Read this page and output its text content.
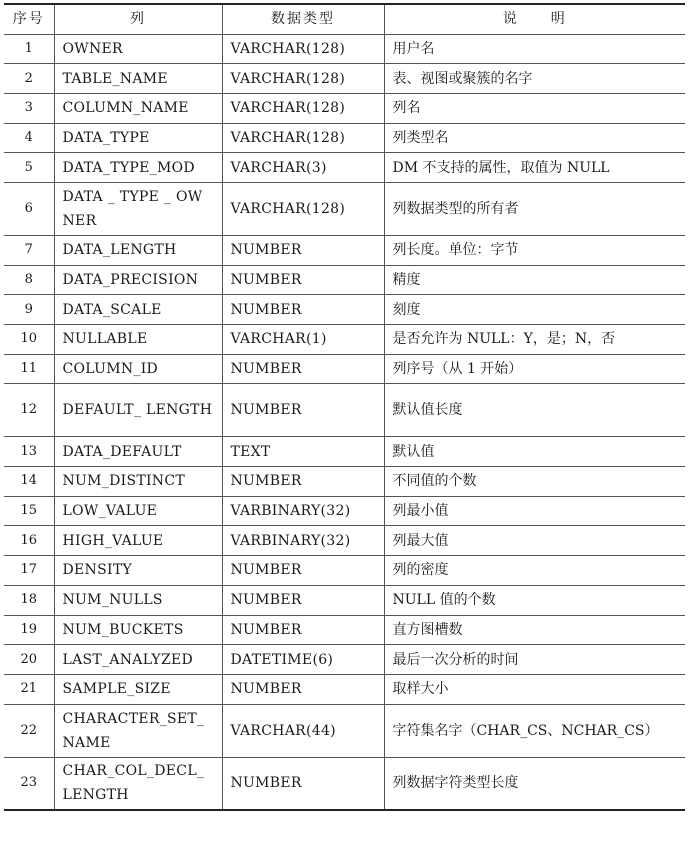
序号	列	数据类型	说　　明
1	OWNER	VARCHAR(128)	用户名
2	TABLE_NAME	VARCHAR(128)	表、视图或聚簇的名字
3	COLUMN_NAME	VARCHAR(128)	列名
4	DATA_TYPE	VARCHAR(128)	列类型名
5	DATA_TYPE_MOD	VARCHAR(3)	DM 不支持的属性，取值为 NULL
6	DATA _ TYPE _ OWNER	VARCHAR(128)	列数据类型的所有者
7	DATA_LENGTH	NUMBER	列长度。单位：字节
8	DATA_PRECISION	NUMBER	精度
9	DATA_SCALE	NUMBER	刻度
10	NULLABLE	VARCHAR(1)	是否允许为 NULL：Y，是；N，否
11	COLUMN_ID	NUMBER	列序号（从 1 开始）
12	DEFAULT_ LENGTH	NUMBER	默认值长度
13	DATA_DEFAULT	TEXT	默认值
14	NUM_DISTINCT	NUMBER	不同值的个数
15	LOW_VALUE	VARBINARY(32)	列最小值
16	HIGH_VALUE	VARBINARY(32)	列最大值
17	DENSITY	NUMBER	列的密度
18	NUM_NULLS	NUMBER	NULL 值的个数
19	NUM_BUCKETS	NUMBER	直方图槽数
20	LAST_ANALYZED	DATETIME(6)	最后一次分析的时间
21	SAMPLE_SIZE	NUMBER	取样大小
22	CHARACTER_SET_ NAME	VARCHAR(44)	字符集名字（CHAR_CS、NCHAR_CS）
23	CHAR_COL_DECL_ LENGTH	NUMBER	列数据字符类型长度
